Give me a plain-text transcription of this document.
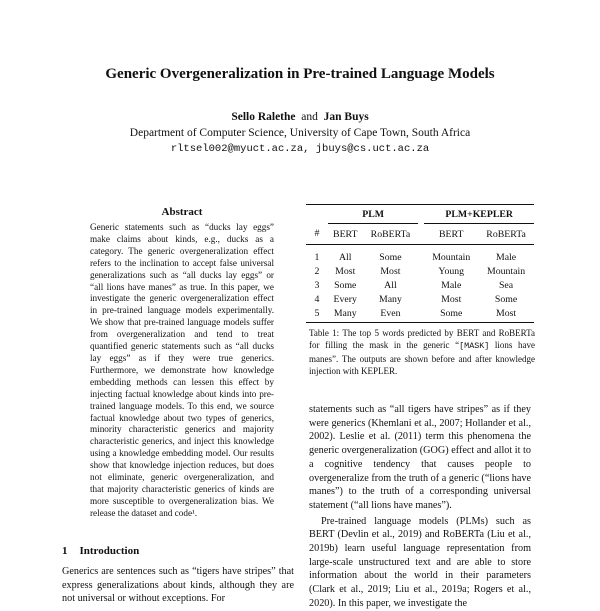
Generic Overgeneralization in Pre-trained Language Models
Sello Ralethe and Jan Buys
Department of Computer Science, University of Cape Town, South Africa
rltsel002@myuct.ac.za, jbuys@cs.uct.ac.za
Abstract
Generic statements such as “ducks lay eggs” make claims about kinds, e.g., ducks as a category. The generic overgeneralization effect refers to the inclination to accept false universal generalizations such as “all ducks lay eggs” or “all lions have manes” as true. In this paper, we investigate the generic overgeneralization effect in pre-trained language models experimentally. We show that pre-trained language models suffer from overgeneralization and tend to treat quantified generic statements such as “all ducks lay eggs” as if they were true generics. Furthermore, we demonstrate how knowledge embedding methods can lessen this effect by injecting factual knowledge about kinds into pre-trained language models. To this end, we source factual knowledge about two types of generics, minority characteristic generics and majority characteristic generics, and inject this knowledge using a knowledge embedding model. Our results show that knowledge injection reduces, but does not eliminate, generic overgeneralization, and that majority characteristic generics of kinds are more susceptible to overgeneralization bias. We release the dataset and code¹.
1 Introduction
Generics are sentences such as “tigers have stripes” that express generalizations about kinds, although they are not universal or without exceptions. For
	PLM			PLM+KEPLER	
#	BERT	RoBERTa		BERT	RoBERTa
1	All	Some		Mountain	Male
2	Most	Most		Young	Mountain
3	Some	All		Male	Sea
4	Every	Many		Most	Some
5	Many	Even		Some	Most
Table 1: The top 5 words predicted by BERT and RoBERTa for filling the mask in the generic “[MASK] lions have manes”. The outputs are shown before and after knowledge injection with KEPLER.

statements such as “all tigers have stripes” as if they were generics (Khemlani et al., 2007; Hollander et al., 2002). Leslie et al. (2011) term this phenomena the generic overgeneralization (GOG) effect and allot it to a cognitive tendency that causes people to overgeneralize from the truth of a generic (“lions have manes”) to the truth of a corresponding universal statement (“all lions have manes”).

Pre-trained language models (PLMs) such as BERT (Devlin et al., 2019) and RoBERTa (Liu et al., 2019b) learn useful language representation from large-scale unstructured text and are able to store information about the world in their parameters (Clark et al., 2019; Liu et al., 2019a; Rogers et al., 2020). In this paper, we investigate the
